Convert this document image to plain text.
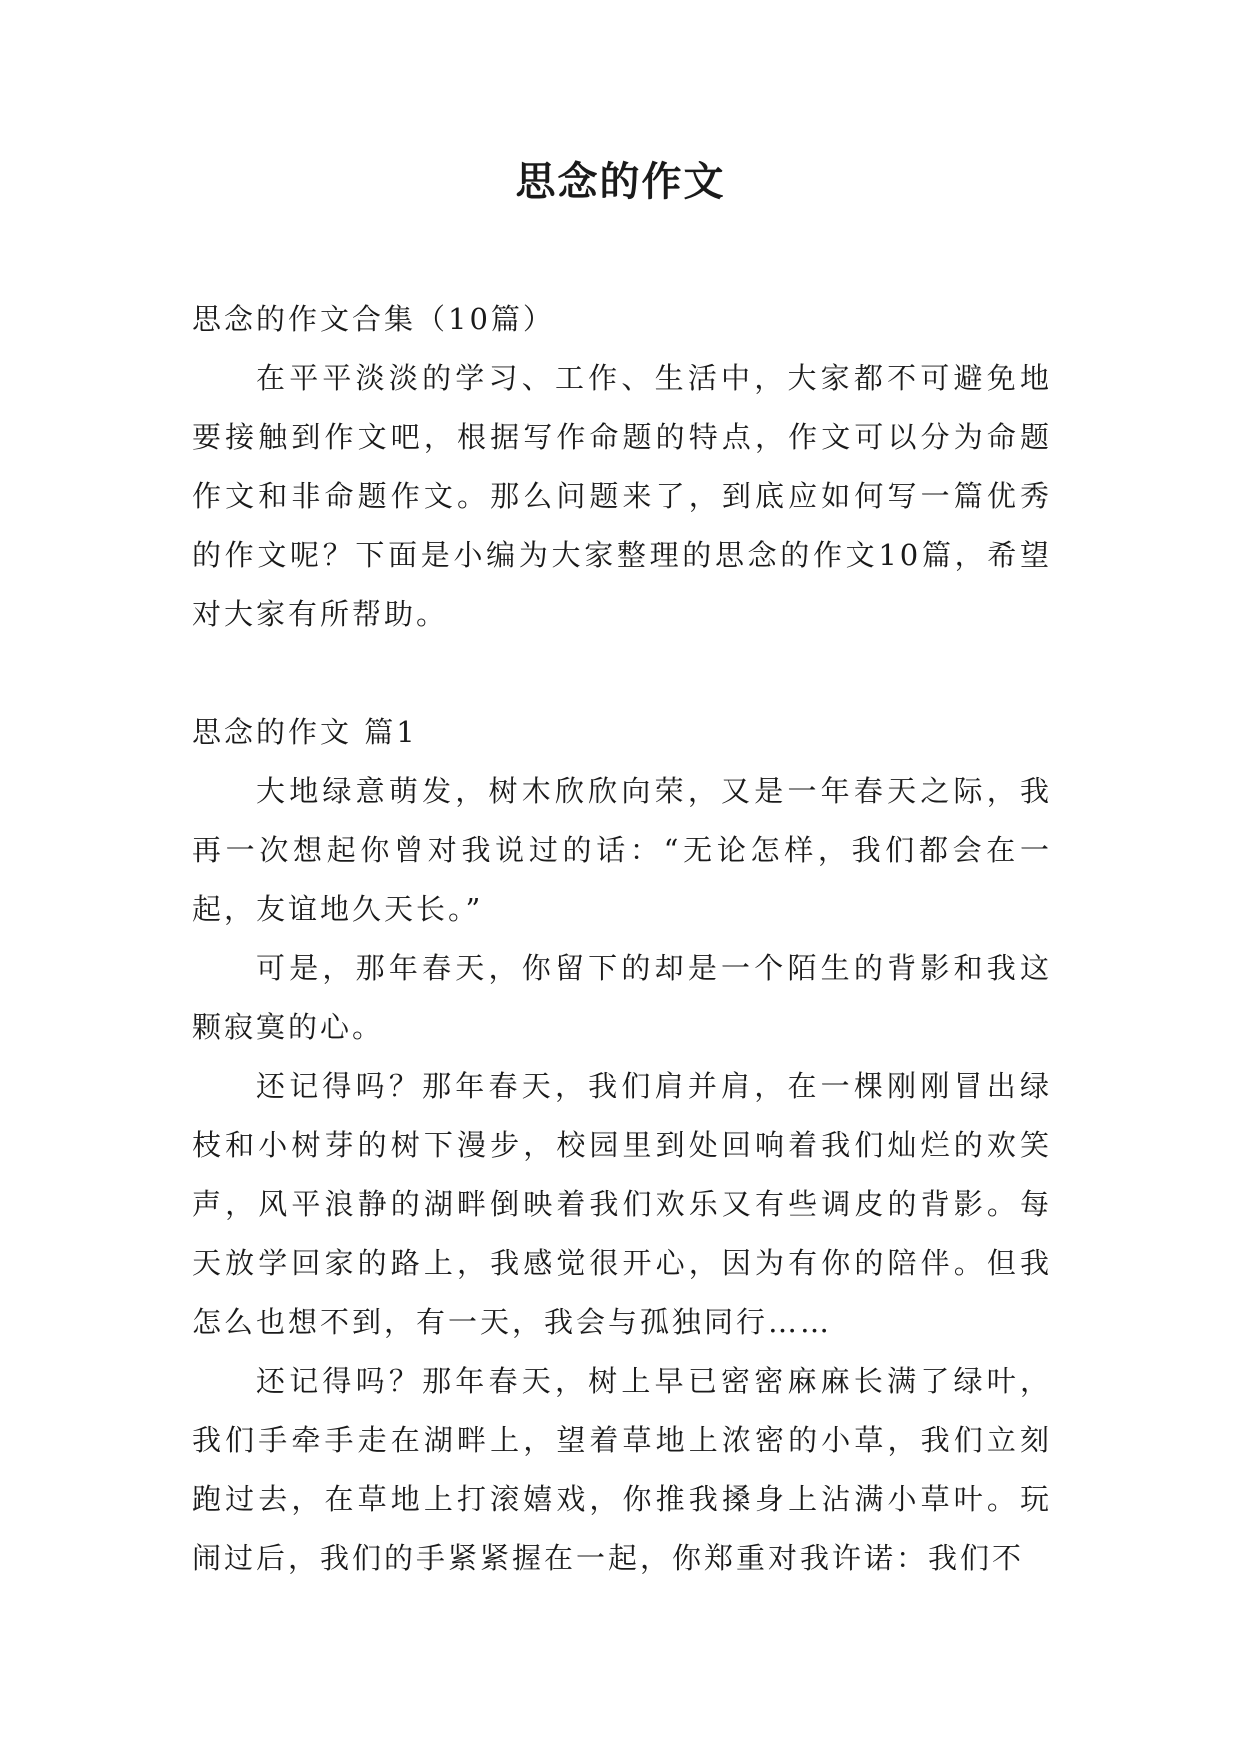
思念的作文

思念的作文合集（10篇）

在平平淡淡的学习、工作、生活中，大家都不可避免地要接触到作文吧，根据写作命题的特点，作文可以分为命题作文和非命题作文。那么问题来了，到底应如何写一篇优秀的作文呢？下面是小编为大家整理的思念的作文10篇，希望对大家有所帮助。

思念的作文 篇1

大地绿意萌发，树木欣欣向荣，又是一年春天之际，我再一次想起你曾对我说过的话：“无论怎样，我们都会在一起，友谊地久天长。”

可是，那年春天，你留下的却是一个陌生的背影和我这颗寂寞的心。

还记得吗？那年春天，我们肩并肩，在一棵刚刚冒出绿枝和小树芽的树下漫步，校园里到处回响着我们灿烂的欢笑声，风平浪静的湖畔倒映着我们欢乐又有些调皮的背影。每天放学回家的路上，我感觉很开心，因为有你的陪伴。但我怎么也想不到，有一天，我会与孤独同行……

还记得吗？那年春天，树上早已密密麻麻长满了绿叶，我们手牵手走在湖畔上，望着草地上浓密的小草，我们立刻跑过去，在草地上打滚嬉戏，你推我搡身上沾满小草叶。玩闹过后，我们的手紧紧握在一起，你郑重对我许诺：我们不
